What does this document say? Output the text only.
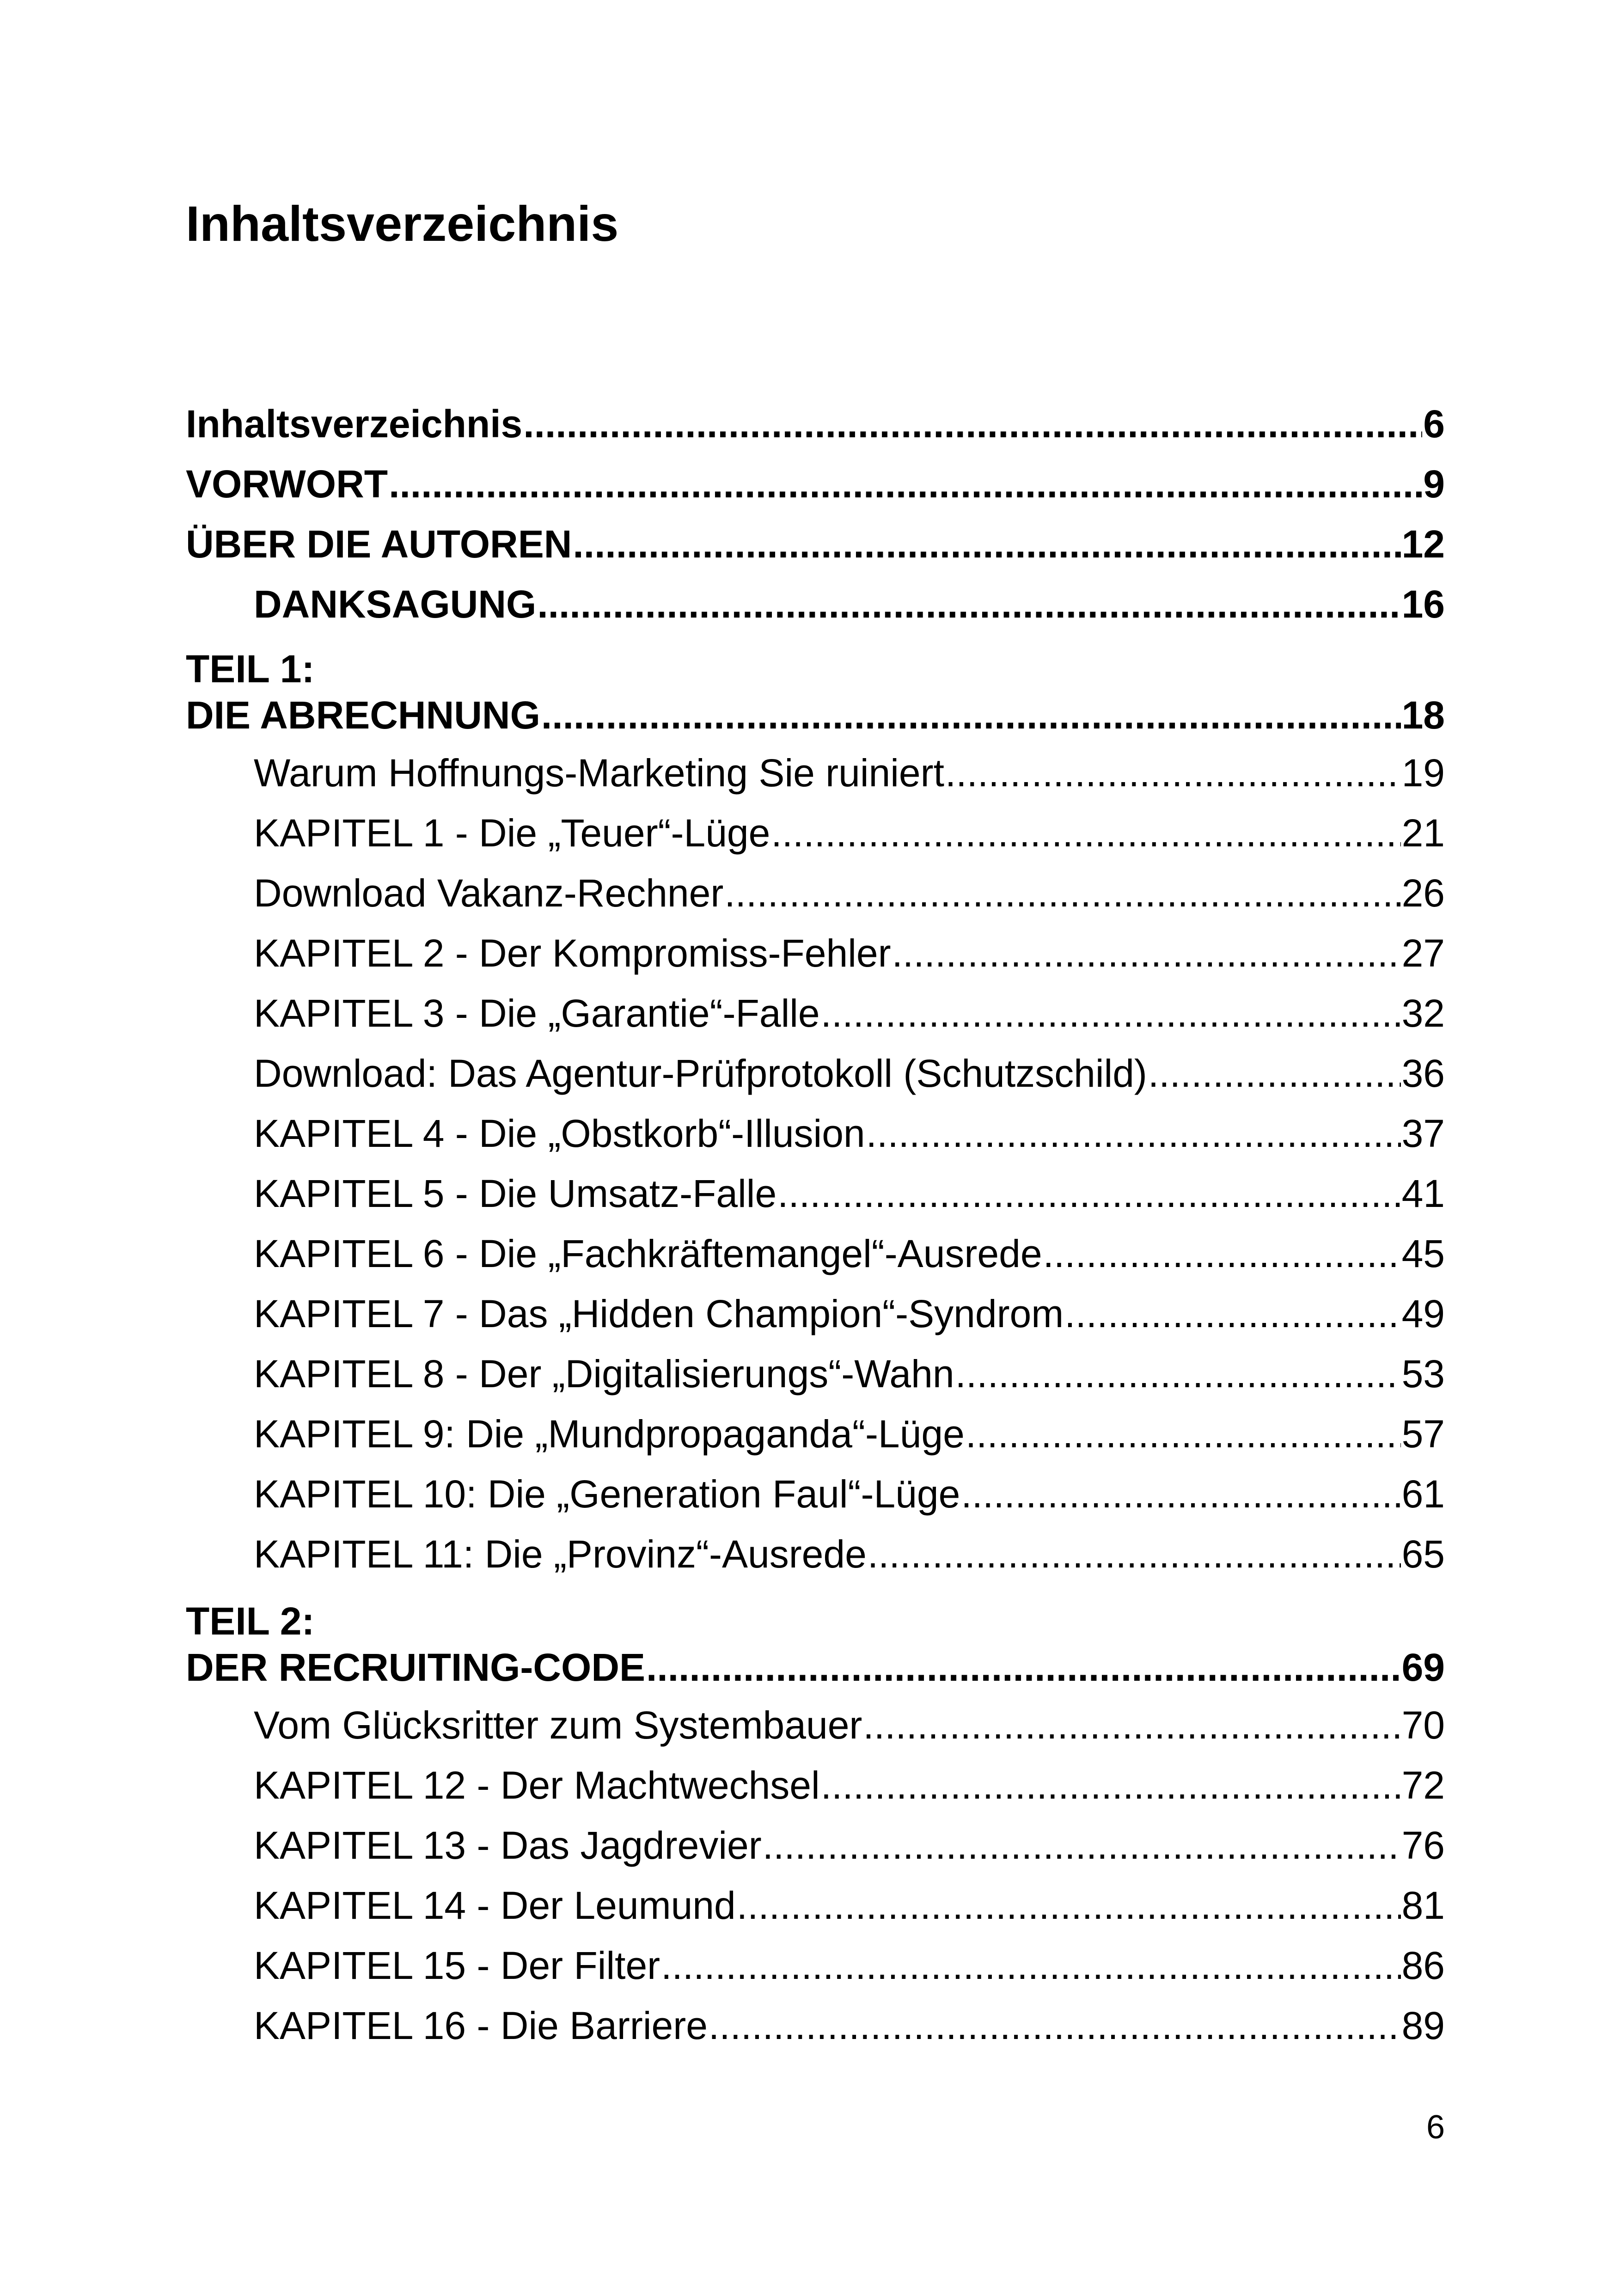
Inhaltsverzeichnis
Inhaltsverzeichnis .....	6
VORWORT .....	9
ÜBER DIE AUTOREN .....	12
DANKSAGUNG .....	16
TEIL 1:
DIE ABRECHNUNG .....	18
Warum Hoffnungs-Marketing Sie ruiniert .....	19
KAPITEL 1 - Die „Teuer“-Lüge .....	21
Download Vakanz-Rechner .....	26
KAPITEL 2 - Der Kompromiss-Fehler .....	27
KAPITEL 3 - Die „Garantie“-Falle .....	32
Download: Das Agentur-Prüfprotokoll (Schutzschild) .....	36
KAPITEL 4 - Die „Obstkorb“-Illusion .....	37
KAPITEL 5 - Die Umsatz-Falle .....	41
KAPITEL 6 - Die „Fachkräftemangel“-Ausrede .....	45
KAPITEL 7 - Das „Hidden Champion“-Syndrom .....	49
KAPITEL 8 - Der „Digitalisierungs“-Wahn .....	53
KAPITEL 9: Die „Mundpropaganda“-Lüge .....	57
KAPITEL 10: Die „Generation Faul“-Lüge .....	61
KAPITEL 11: Die „Provinz“-Ausrede .....	65
TEIL 2:
DER RECRUITING-CODE .....	69
Vom Glücksritter zum Systembauer .....	70
KAPITEL 12 - Der Machtwechsel .....	72
KAPITEL 13 - Das Jagdrevier .....	76
KAPITEL 14 - Der Leumund .....	81
KAPITEL 15 - Der Filter .....	86
KAPITEL 16 - Die Barriere .....	89
6
